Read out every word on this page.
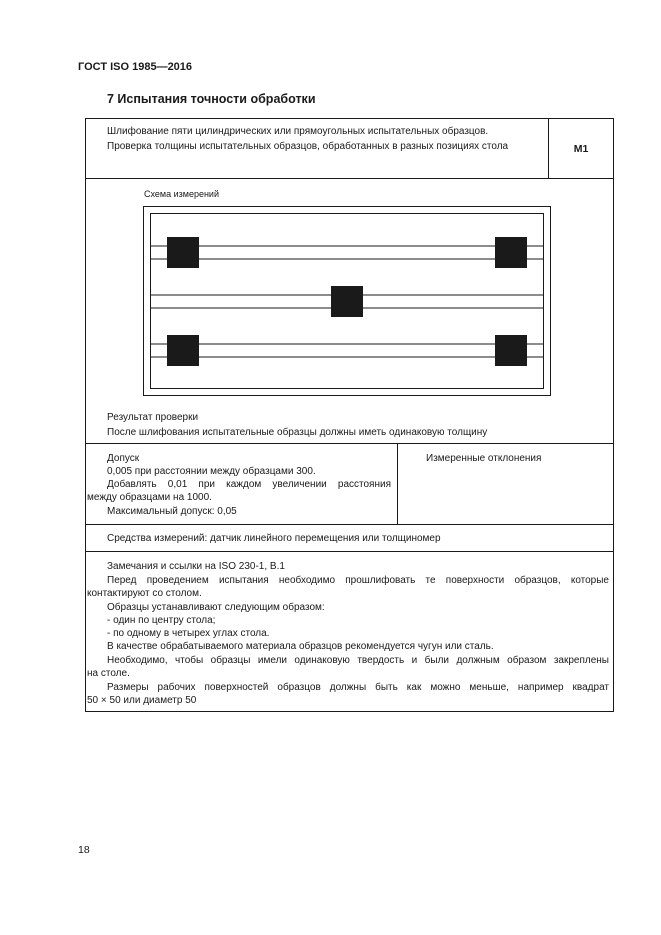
ГОСТ ISO 1985—2016
7 Испытания точности обработки
Шлифование пяти цилиндрических или прямоугольных испытательных образцов.
Проверка толщины испытательных образцов, обработанных в разных позициях стола	M1
Схема измерений
Результат проверки
После шлифования испытательные образцы должны иметь одинаковую толщину
Допуск
0,005 при расстоянии между образцами 300.
Добавлять 0,01 при каждом увеличении расстояния
между образцами на 1000.
Максимальный допуск: 0,05
Измеренные отклонения
Средства измерений: датчик линейного перемещения или толщиномер
Замечания и ссылки на ISO 230-1, В.1
Перед проведением испытания необходимо прошлифовать те поверхности образцов, которые
контактируют со столом.
Образцы устанавливают следующим образом:
- один по центру стола;
- по одному в четырех углах стола.
В качестве обрабатываемого материала образцов рекомендуется чугун или сталь.
Необходимо, чтобы образцы имели одинаковую твердость и были должным образом закреплены
на столе.
Размеры рабочих поверхностей образцов должны быть как можно меньше, например квадрат
50 × 50 или диаметр 50
18
